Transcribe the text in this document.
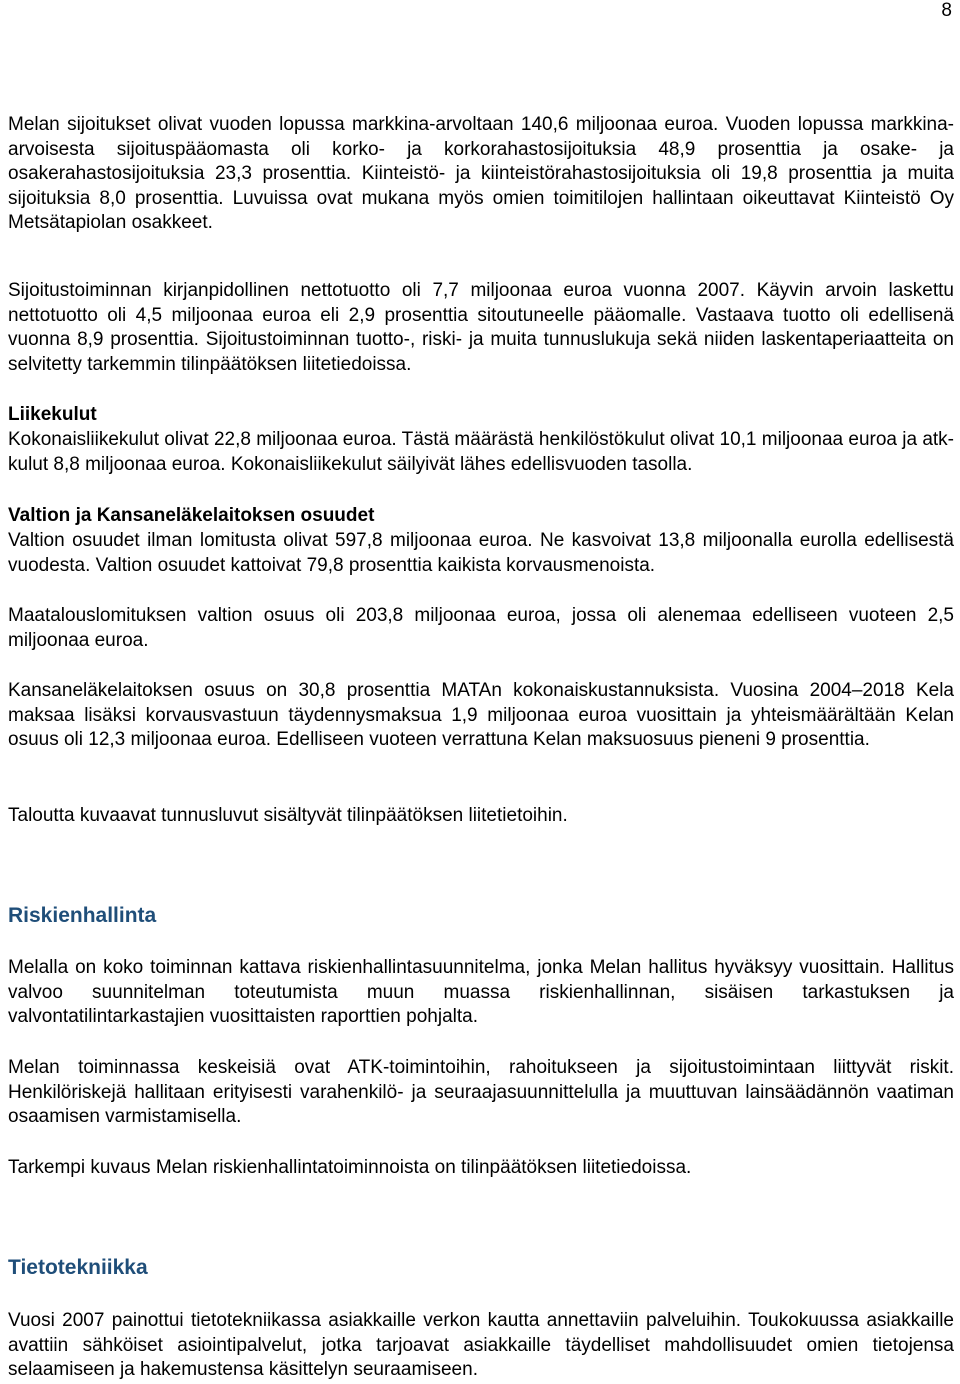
8

Melan sijoitukset olivat vuoden lopussa markkina-arvoltaan 140,6 miljoonaa euroa. Vuoden lopussa markkina-arvoisesta sijoituspääomasta oli korko- ja korkorahastosijoituksia 48,9 prosenttia ja osake- ja osakerahastosijoituksia 23,3 prosenttia. Kiinteistö- ja kiinteistörahastosijoituksia oli 19,8 prosenttia ja muita sijoituksia 8,0 prosenttia. Luvuissa ovat mukana myös omien toimitilojen hallintaan oikeuttavat Kiinteistö Oy Metsätapiolan osakkeet.

Sijoitustoiminnan kirjanpidollinen nettotuotto oli 7,7 miljoonaa euroa vuonna 2007. Käyvin arvoin laskettu nettotuotto oli 4,5 miljoonaa euroa eli 2,9 prosenttia sitoutuneelle pääomalle. Vastaava tuotto oli edellisenä vuonna 8,9 prosenttia. Sijoitustoiminnan tuotto-, riski- ja muita tunnuslukuja sekä niiden laskentaperiaatteita on selvitetty tarkemmin tilinpäätöksen liitetiedoissa.

Liikekulut

Kokonaisliikekulut olivat 22,8 miljoonaa euroa. Tästä määrästä henkilöstökulut olivat 10,1 miljoonaa euroa ja atk-kulut 8,8 miljoonaa euroa. Kokonaisliikekulut säilyivät lähes edellisvuoden tasolla.

Valtion ja Kansaneläkelaitoksen osuudet

Valtion osuudet ilman lomitusta olivat 597,8 miljoonaa euroa. Ne kasvoivat 13,8 miljoonalla eurolla edellisestä vuodesta. Valtion osuudet kattoivat 79,8 prosenttia kaikista korvausmenoista.

Maatalouslomituksen valtion osuus oli 203,8 miljoonaa euroa, jossa oli alenemaa edelliseen vuoteen 2,5 miljoonaa euroa.

Kansaneläkelaitoksen osuus on 30,8 prosenttia MATAn kokonaiskustannuksista. Vuosina 2004–2018 Kela maksaa lisäksi korvausvastuun täydennysmaksua 1,9 miljoonaa euroa vuosittain ja yhteismäärältään Kelan osuus oli 12,3 miljoonaa euroa. Edelliseen vuoteen verrattuna Kelan maksuosuus pieneni 9 prosenttia.

Taloutta kuvaavat tunnusluvut sisältyvät tilinpäätöksen liitetietoihin.

Riskienhallinta

Melalla on koko toiminnan kattava riskienhallintasuunnitelma, jonka Melan hallitus hyväksyy vuosittain. Hallitus valvoo suunnitelman toteutumista muun muassa riskienhallinnan, sisäisen tarkastuksen ja valvontatilintarkastajien vuosittaisten raporttien pohjalta.

Melan toiminnassa keskeisiä ovat ATK-toimintoihin, rahoitukseen ja sijoitustoimintaan liittyvät riskit. Henkilöriskejä hallitaan erityisesti varahenkilö- ja seuraajasuunnittelulla ja muuttuvan lainsäädännön vaatiman osaamisen varmistamisella.

Tarkempi kuvaus Melan riskienhallintatoiminnoista on tilinpäätöksen liitetiedoissa.

Tietotekniikka

Vuosi 2007 painottui tietotekniikassa asiakkaille verkon kautta annettaviin palveluihin. Toukokuussa asiakkaille avattiin sähköiset asiointipalvelut, jotka tarjoavat asiakkaille täydelliset mahdollisuudet omien tietojensa selaamiseen ja hakemustensa käsittelyn seuraamiseen.
